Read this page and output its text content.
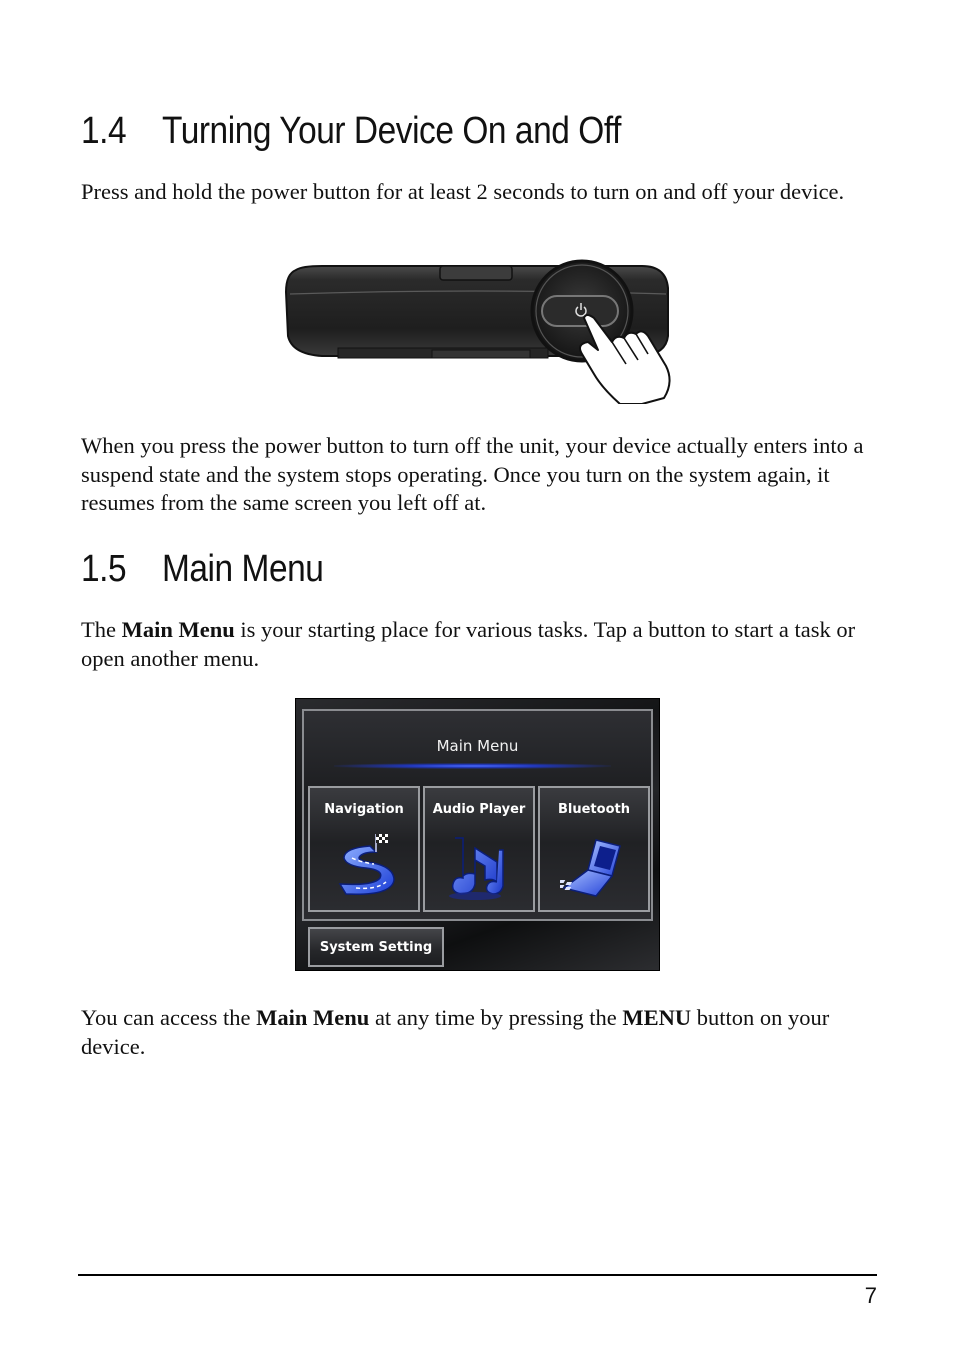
1.4 Turning Your Device On and Off

Press and hold the power button for at least 2 seconds to turn on and off your device.

When you press the power button to turn off the unit, your device actually enters into a suspend state and the system stops operating. Once you turn on the system again, it resumes from the same screen you left off at.

1.5 Main Menu

The Main Menu is your starting place for various tasks. Tap a button to start a task or open another menu.

Main Menu
Navigation	Audio Player	Bluetooth
System Setting

You can access the Main Menu at any time by pressing the MENU button on your device.

7
